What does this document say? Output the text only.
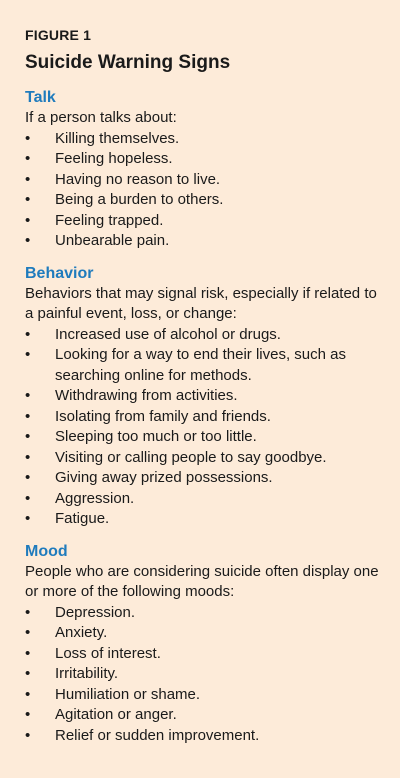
FIGURE 1

Suicide Warning Signs
Talk

If a person talks about:

•	Killing themselves.
•	Feeling hopeless.
•	Having no reason to live.
•	Being a burden to others.
•	Feeling trapped.
•	Unbearable pain.
Behavior

Behaviors that may signal risk, especially if related to a painful event, loss, or change:

•	Increased use of alcohol or drugs.
•	Looking for a way to end their lives, such as searching online for methods.
•	Withdrawing from activities.
•	Isolating from family and friends.
•	Sleeping too much or too little.
•	Visiting or calling people to say goodbye.
•	Giving away prized possessions.
•	Aggression.
•	Fatigue.
Mood

People who are considering suicide often display one or more of the following moods:

•	Depression.
•	Anxiety.
•	Loss of interest.
•	Irritability.
•	Humiliation or shame.
•	Agitation or anger.
•	Relief or sudden improvement.
